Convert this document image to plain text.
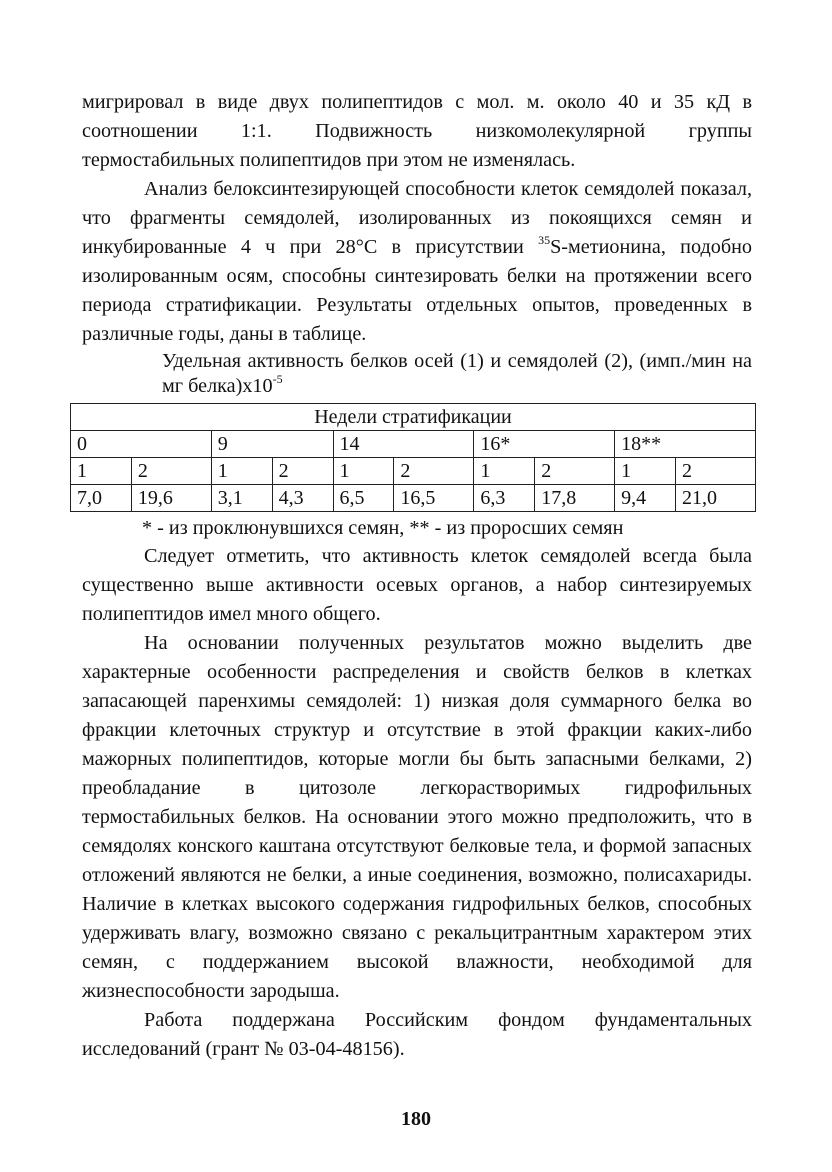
мигрировал в виде двух полипептидов с мол. м. около 40 и 35 кД в соотношении 1:1. Подвижность низкомолекулярной группы термостабильных полипептидов при этом не изменялась.

Анализ белоксинтезирующей способности клеток семядолей показал, что фрагменты семядолей, изолированных из покоящихся семян и инкубированные 4 ч при 28°С в присутствии $^{35}$S-метионина, подобно изолированным осям, способны синтезировать белки на протяжении всего периода стратификации. Результаты отдельных опытов, проведенных в различные годы, даны в таблице.

Удельная активность белков осей (1) и семядолей (2), (имп./мин на мг $белка)x10^{-5}$

Недели стратификации									
0		9		14		16*		18**	
1	2	1	2	1	2	1	2	1	2
7,0	19,6	3,1	4,3	6,5	16,5	6,3	17,8	9,4	21,0

* - из проклюнувшихся семян, ** - из проросших семян

Следует отметить, что активность клеток семядолей всегда была существенно выше активности осевых органов, а набор синтезируемых полипептидов имел много общего.

На основании полученных результатов можно выделить две характерные особенности распределения и свойств белков в клетках запасающей паренхимы семядолей: 1) низкая доля суммарного белка во фракции клеточных структур и отсутствие в этой фракции каких-либо мажорных полипептидов, которые могли бы быть запасными белками, 2) преобладание в цитозоле легкорастворимых гидрофильных термостабильных белков. На основании этого можно предположить, что в семядолях конского каштана отсутствуют белковые тела, и формой запасных отложений являются не белки, а иные соединения, возможно, полисахариды. Наличие в клетках высокого содержания гидрофильных белков, способных удерживать влагу, возможно связано с рекальцитрантным характером этих семян, с поддержанием высокой влажности, необходимой для жизнеспособности зародыша.

Работа поддержана Российским фондом фундаментальных исследований (грант № 03-04-48156).

180
